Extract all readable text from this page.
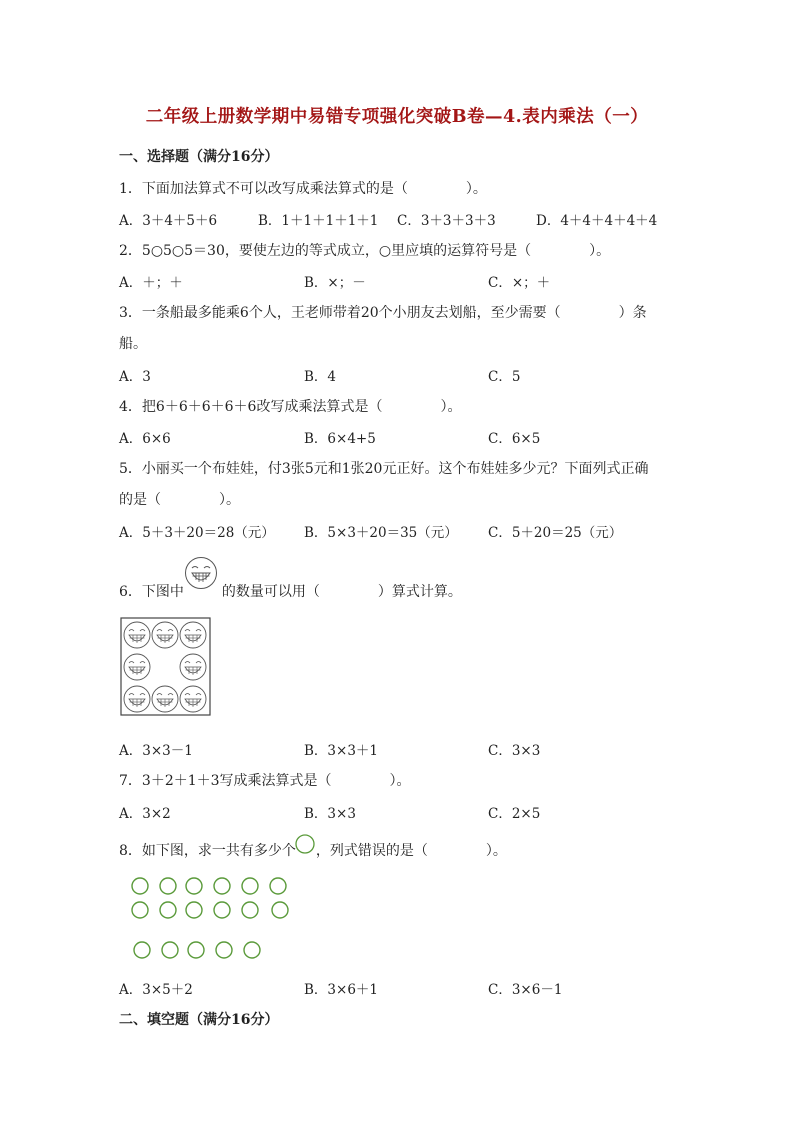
二年级上册数学期中易错专项强化突破B卷—4.表内乘法（一）
一、选择题（满分16分）
1．下面加法算式不可以改写成乘法算式的是（	）。
A．3＋4＋5＋6	B．1＋1＋1＋1＋1 C．3＋3＋3＋3	D．4＋4＋4＋4＋4
2．5○5○5＝30，要使左边的等式成立，○里应填的运算符号是（	）。
A．＋；＋	B．×；－	C．×；＋
3．一条船最多能乘6个人，王老师带着20个小朋友去划船，至少需要（	）条
船。
A．3	B．4	C．5
4．把6＋6＋6＋6＋6改写成乘法算式是（	）。
A．6×6	B．6×4+5	C．6×5
5．小丽买一个布娃娃，付3张5元和1张20元正好。这个布娃娃多少元？下面列式正确
的是（	）。
A．5＋3＋20＝28（元） B．5×3＋20＝35（元） C．5＋20＝25（元）
6．下图中	的数量可以用（	）算式计算。
A．3×3－1	B．3×3＋1	C．3×3
7．3＋2＋1＋3写成乘法算式是（	）。
A．3×2	B．3×3	C．2×5
8．如下图，求一共有多少个 ，列式错误的是（	）。
A．3×5＋2	B．3×6＋1	C．3×6－1
二、填空题（满分16分）
